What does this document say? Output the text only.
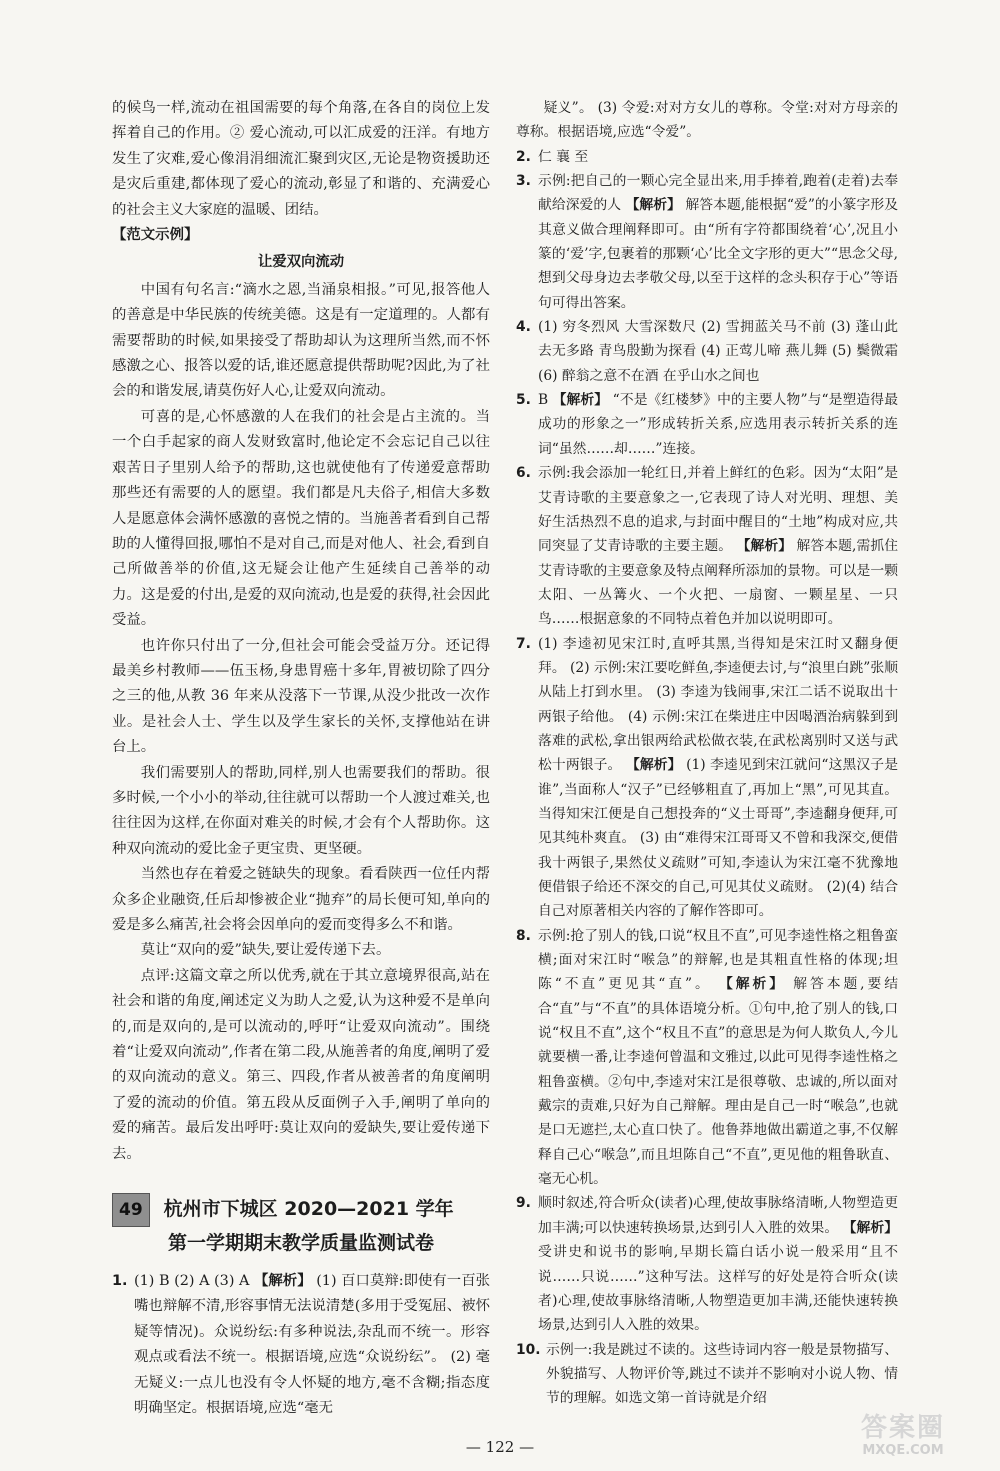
的候鸟一样,流动在祖国需要的每个角落,在各自的岗位上发挥着自己的作用。② 爱心流动,可以汇成爱的汪洋。有地方发生了灾难,爱心像涓涓细流汇聚到灾区,无论是物资援助还是灾后重建,都体现了爱心的流动,彰显了和谐的、充满爱心的社会主义大家庭的温暖、团结。

【范文示例】

让爱双向流动

中国有句名言:“滴水之恩,当涌泉相报。”可见,报答他人的善意是中华民族的传统美德。这是有一定道理的。人都有需要帮助的时候,如果接受了帮助却认为这理所当然,而不怀感激之心、报答以爱的话,谁还愿意提供帮助呢?因此,为了社会的和谐发展,请莫伤好人心,让爱双向流动。

可喜的是,心怀感激的人在我们的社会是占主流的。当一个白手起家的商人发财致富时,他论定不会忘记自己以往艰苦日子里别人给予的帮助,这也就使他有了传递爱意帮助那些还有需要的人的愿望。我们都是凡夫俗子,相信大多数人是愿意体会满怀感激的喜悦之情的。当施善者看到自己帮助的人懂得回报,哪怕不是对自己,而是对他人、社会,看到自己所做善举的价值,这无疑会让他产生延续自己善举的动力。这是爱的付出,是爱的双向流动,也是爱的获得,社会因此受益。

也许你只付出了一分,但社会可能会受益万分。还记得最美乡村教师——伍玉杨,身患胃癌十多年,胃被切除了四分之三的他,从教 36 年来从没落下一节课,从没少批改一次作业。是社会人士、学生以及学生家长的关怀,支撑他站在讲台上。

我们需要别人的帮助,同样,别人也需要我们的帮助。很多时候,一个小小的举动,往往就可以帮助一个人渡过难关,也往往因为这样,在你面对难关的时候,才会有个人帮助你。这种双向流动的爱比金子更宝贵、更坚硬。

当然也存在着爱之链缺失的现象。看看陕西一位任内帮众多企业融资,任后却惨被企业“抛弃”的局长便可知,单向的爱是多么痛苦,社会将会因单向的爱而变得多么不和谐。

莫让“双向的爱”缺失,要让爱传递下去。

点评:这篇文章之所以优秀,就在于其立意境界很高,站在社会和谐的角度,阐述定义为助人之爱,认为这种爱不是单向的,而是双向的,是可以流动的,呼吁“让爱双向流动”。围绕着“让爱双向流动”,作者在第二段,从施善者的角度,阐明了爱的双向流动的意义。第三、四段,作者从被善者的角度阐明了爱的流动的价值。第五段从反面例子入手,阐明了单向的爱的痛苦。最后发出呼吁:莫让双向的爱缺失,要让爱传递下去。

49 杭州市下城区 2020—2021 学年
第一学期期末教学质量监测试卷
1. (1) B (2) A (3) A 【解析】 (1) 百口莫辩:即使有一百张嘴也辩解不清,形容事情无法说清楚(多用于受冤屈、被怀疑等情况)。众说纷纭:有多种说法,杂乱而不统一。形容观点或看法不统一。根据语境,应选“众说纷纭”。 (2) 毫无疑义:一点儿也没有令人怀疑的地方,毫不含糊;指态度明确坚定。根据语境,应选“毫无

疑义”。 (3) 令爱:对对方女儿的尊称。令堂:对对方母亲的尊称。根据语境,应选“令爱”。

2. 仁 襄 至
3. 示例:把自己的一颗心完全显出来,用手捧着,跑着(走着)去奉献给深爱的人 【解析】 解答本题,能根据“爱”的小篆字形及其意义做合理阐释即可。由“所有字符都围绕着‘心’,况且小篆的‘爱’字,包裹着的那颗‘心’比全文字形的更大”“思念父母,想到父母身边去孝敬父母,以至于这样的念头积存于心”等语句可得出答案。
4. (1) 穷冬烈风 大雪深数尺 (2) 雪拥蓝关马不前 (3) 蓬山此去无多路 青鸟殷勤为探看 (4) 正莺儿啼 燕儿舞 (5) 鬓微霜 (6) 醉翁之意不在酒 在乎山水之间也
5. B 【解析】 “不是《红楼梦》中的主要人物”与“是塑造得最成功的形象之一”形成转折关系,应选用表示转折关系的连词“虽然……却……”连接。
6. 示例:我会添加一轮红日,并着上鲜红的色彩。因为“太阳”是艾青诗歌的主要意象之一,它表现了诗人对光明、理想、美好生活热烈不息的追求,与封面中醒目的“土地”构成对应,共同突显了艾青诗歌的主要主题。 【解析】 解答本题,需抓住艾青诗歌的主要意象及特点阐释所添加的景物。可以是一颗太阳、一丛篝火、一个火把、一扇窗、一颗星星、一只鸟……根据意象的不同特点着色并加以说明即可。
7. (1) 李逵初见宋江时,直呼其黑,当得知是宋江时又翻身便拜。 (2) 示例:宋江要吃鲜鱼,李逵便去讨,与“浪里白跳”张顺从陆上打到水里。 (3) 李逵为钱闹事,宋江二话不说取出十两银子给他。 (4) 示例:宋江在柴进庄中因喝酒治病躲到到落难的武松,拿出银两给武松做衣装,在武松离别时又送与武松十两银子。 【解析】 (1) 李逵见到宋江就问“这黑汉子是谁”,当面称人“汉子”已经够粗直了,再加上“黑”,可见其直。当得知宋江便是自己想投奔的“义士哥哥”,李逵翻身便拜,可见其纯朴爽直。 (3) 由“难得宋江哥哥又不曾和我深交,便借我十两银子,果然仗义疏财”可知,李逵认为宋江毫不犹豫地便借银子给还不深交的自己,可见其仗义疏财。 (2)(4) 结合自己对原著相关内容的了解作答即可。
8. 示例:抢了别人的钱,口说“权且不直”,可见李逵性格之粗鲁蛮横;面对宋江时“喉急”的辩解,也是其粗直性格的体现;坦陈“不直”更见其“直”。 【解析】 解答本题,要结合“直”与“不直”的具体语境分析。①句中,抢了别人的钱,口说“权且不直”,这个“权且不直”的意思是为何人欺负人,今儿就要横一番,让李逵何曾温和文雅过,以此可见得李逵性格之粗鲁蛮横。②句中,李逵对宋江是很尊敬、忠诚的,所以面对戴宗的责难,只好为自己辩解。理由是自己一时“喉急”,也就是口无遮拦,太心直口快了。他鲁莽地做出霸道之事,不仅解释自己心“喉急”,而且坦陈自己“不直”,更见他的粗鲁耿直、毫无心机。
9. 顺时叙述,符合听众(读者)心理,使故事脉络清晰,人物塑造更加丰满;可以快速转换场景,达到引人入胜的效果。 【解析】 受讲史和说书的影响,早期长篇白话小说一般采用“且不说……只说……”这种写法。这样写的好处是符合听众(读者)心理,使故事脉络清晰,人物塑造更加丰满,还能快速转换场景,达到引人入胜的效果。
10. 示例一:我是跳过不读的。这些诗词内容一般是景物描写、外貌描写、人物评价等,跳过不读并不影响对小说人物、情节的理解。如选文第一首诗就是介绍
— 122 —
答案圈
MXQE.COM
